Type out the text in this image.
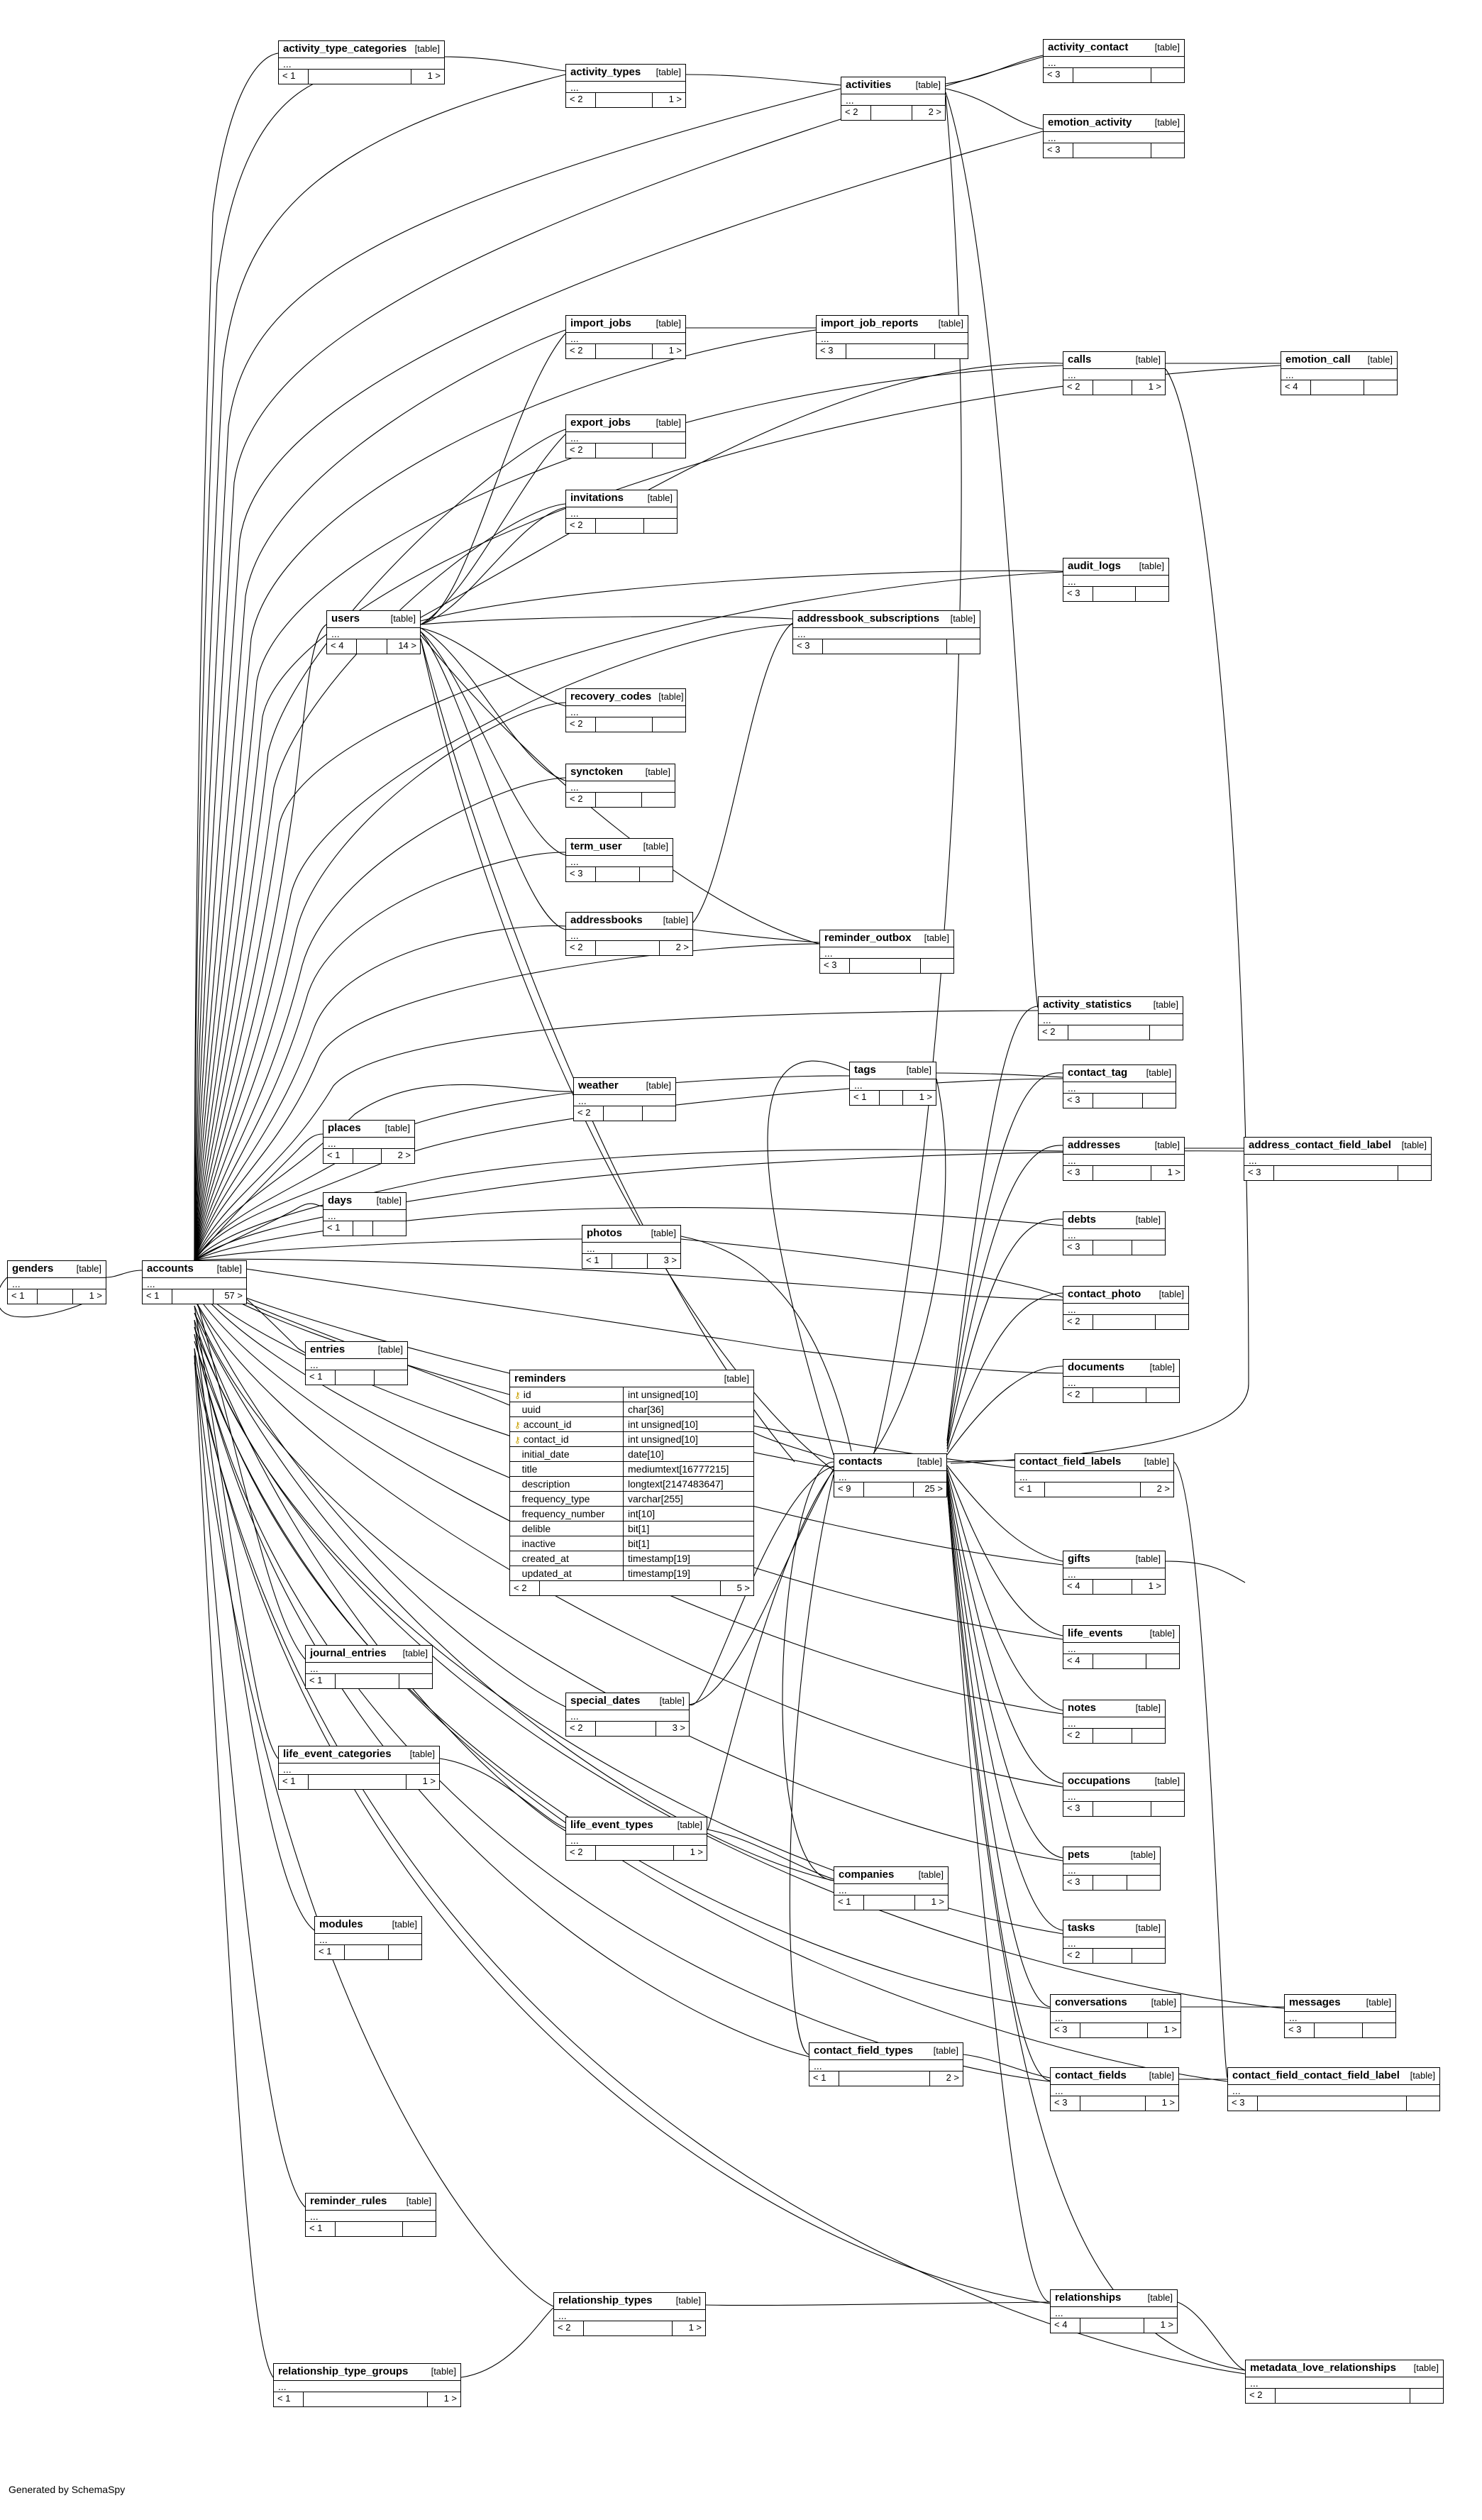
Generated by SchemaSpy
activity_type_categories [table]
...
< 1	1 >	activity_types	[table]
...
< 2	1 >
activities	[table]
...
< 2	2 >
activity_contact	[table]
...
< 3
emotion_activity	[table]
...
< 3
import_jobs	[table]
...
< 2	1 >
import_job_reports	[table]
...
< 3
calls	[table]
...
< 2	1 >
emotion_call	[table]
...
< 4
export_jobs	[table]
...
< 2
invitations	[table]
...
< 2
audit_logs	[table]
...
< 3
users	[table]
...
< 4	14 >
addressbook_subscriptions	[table]
...
< 3
recovery_codes [table]
...
< 2
synctoken	[table]
...
< 2
term_user	[table]
...
< 3
addressbooks	[table]
...
< 2	2 >
reminder_outbox	[table]
...
< 3
activity_statistics	[table]
...
< 2
weather	[table]
...
< 2
tags	[table]
...
< 1	1 >
contact_tag	[table]
...
< 3
places	[table]
...
< 1	2 >
addresses	[table]
...
< 3	1 >
address_contact_field_label	[table]
...
< 3
days	[table]
...
< 1
debts	[table]
...
< 3
photos	[table]
...
< 1	3 >
genders	[table]
...
< 1	1 >
accounts	[table]
...
< 1	57 >	contact_photo	[table]
...
< 2
entries	[table]
...
< 1
documents	[table]
...
< 2
contacts	[table]
...
< 9	25 >
contact_field_labels	[table]
...
< 1	2 >
gifts	[table]
...
< 4	1 >
life_events	[table]
...
< 4
notes	[table]
...
< 2
journal_entries	[table]
...
< 1
occupations	[table]
...
< 3
special_dates	[table]
...
< 2	3 >
life_event_categories	[table]
...
< 1	1 >
pets	[table]
...
< 3
life_event_types	[table]
...
< 2	1 >
companies	[table]
...
< 1	1 >
tasks	[table]
...
< 2
modules	[table]
...
< 1
conversations	[table]
...
< 3	1 >
messages	[table]
...
< 3
contact_field_types	[table]
...
< 1	2 >	contact_fields	[table]
...
< 3	1 >
contact_field_contact_field_label	[table]
...
< 3
reminder_rules	[table]
...
< 1
relationships	[table]
...
< 4	1 >
relationship_types	[table]
...
< 2	1 >
relationship_type_groups	[table]
...
< 1	1 >
metadata_love_relationships	[table]
...
< 2
reminders	[table]
⚷ id	int unsigned[10]
uuid	char[36]
⚷ account_id	int unsigned[10]
⚷ contact_id	int unsigned[10]
initial_date	date[10]
title	mediumtext[16777215]
description	longtext[2147483647]
frequency_type	varchar[255]
frequency_number	int[10]
delible	bit[1]
inactive	bit[1]
created_at	timestamp[19]
updated_at	timestamp[19]
< 2	5 >
